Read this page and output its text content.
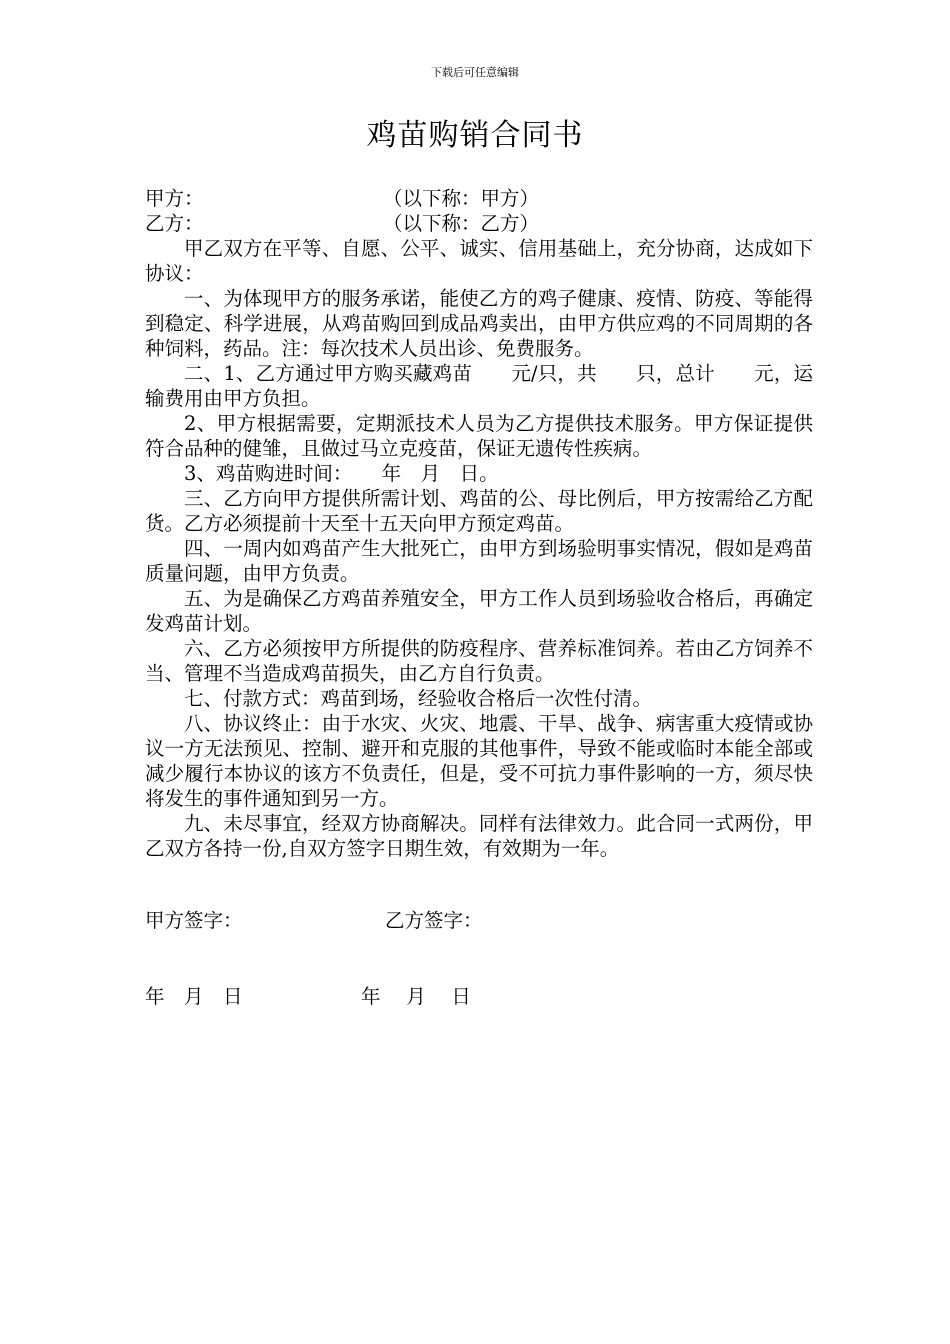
下载后可任意编辑
鸡苗购销合同书
甲方：	（以下称：甲方）
乙方：	（以下称：乙方）

甲乙双方在平等、自愿、公平、诚实、信用基础上，充分协商，达成如下协议：

一、为体现甲方的服务承诺，能使乙方的鸡子健康、疫情、防疫、等能得到稳定、科学进展，从鸡苗购回到成品鸡卖出，由甲方供应鸡的不同周期的各种饲料，药品。注：每次技术人员出诊、免费服务。

二、1、乙方通过甲方购买藏鸡苗　　元/只，共　　只，总计　　元，运输费用由甲方负担。

2、甲方根据需要，定期派技术人员为乙方提供技术服务。甲方保证提供符合品种的健雏，且做过马立克疫苗，保证无遗传性疾病。

3、鸡苗购进时间：　　年　月　日。

三、乙方向甲方提供所需计划、鸡苗的公、母比例后，甲方按需给乙方配货。乙方必须提前十天至十五天向甲方预定鸡苗。

四、一周内如鸡苗产生大批死亡，由甲方到场验明事实情况，假如是鸡苗质量问题，由甲方负责。

五、为是确保乙方鸡苗养殖安全，甲方工作人员到场验收合格后，再确定发鸡苗计划。

六、乙方必须按甲方所提供的防疫程序、营养标准饲养。若由乙方饲养不当、管理不当造成鸡苗损失，由乙方自行负责。

七、付款方式：鸡苗到场，经验收合格后一次性付清。

八、协议终止：由于水灾、火灾、地震、干旱、战争、病害重大疫情或协议一方无法预见、控制、避开和克服的其他事件，导致不能或临时本能全部或减少履行本协议的该方不负责任，但是，受不可抗力事件影响的一方，须尽快将发生的事件通知到另一方。

九、未尽事宜，经双方协商解决。同样有法律效力。此合同一式两份，甲乙双方各持一份,自双方签字日期生效，有效期为一年。

甲方签字：	乙方签字：
年　月　日	年　 月　 日
